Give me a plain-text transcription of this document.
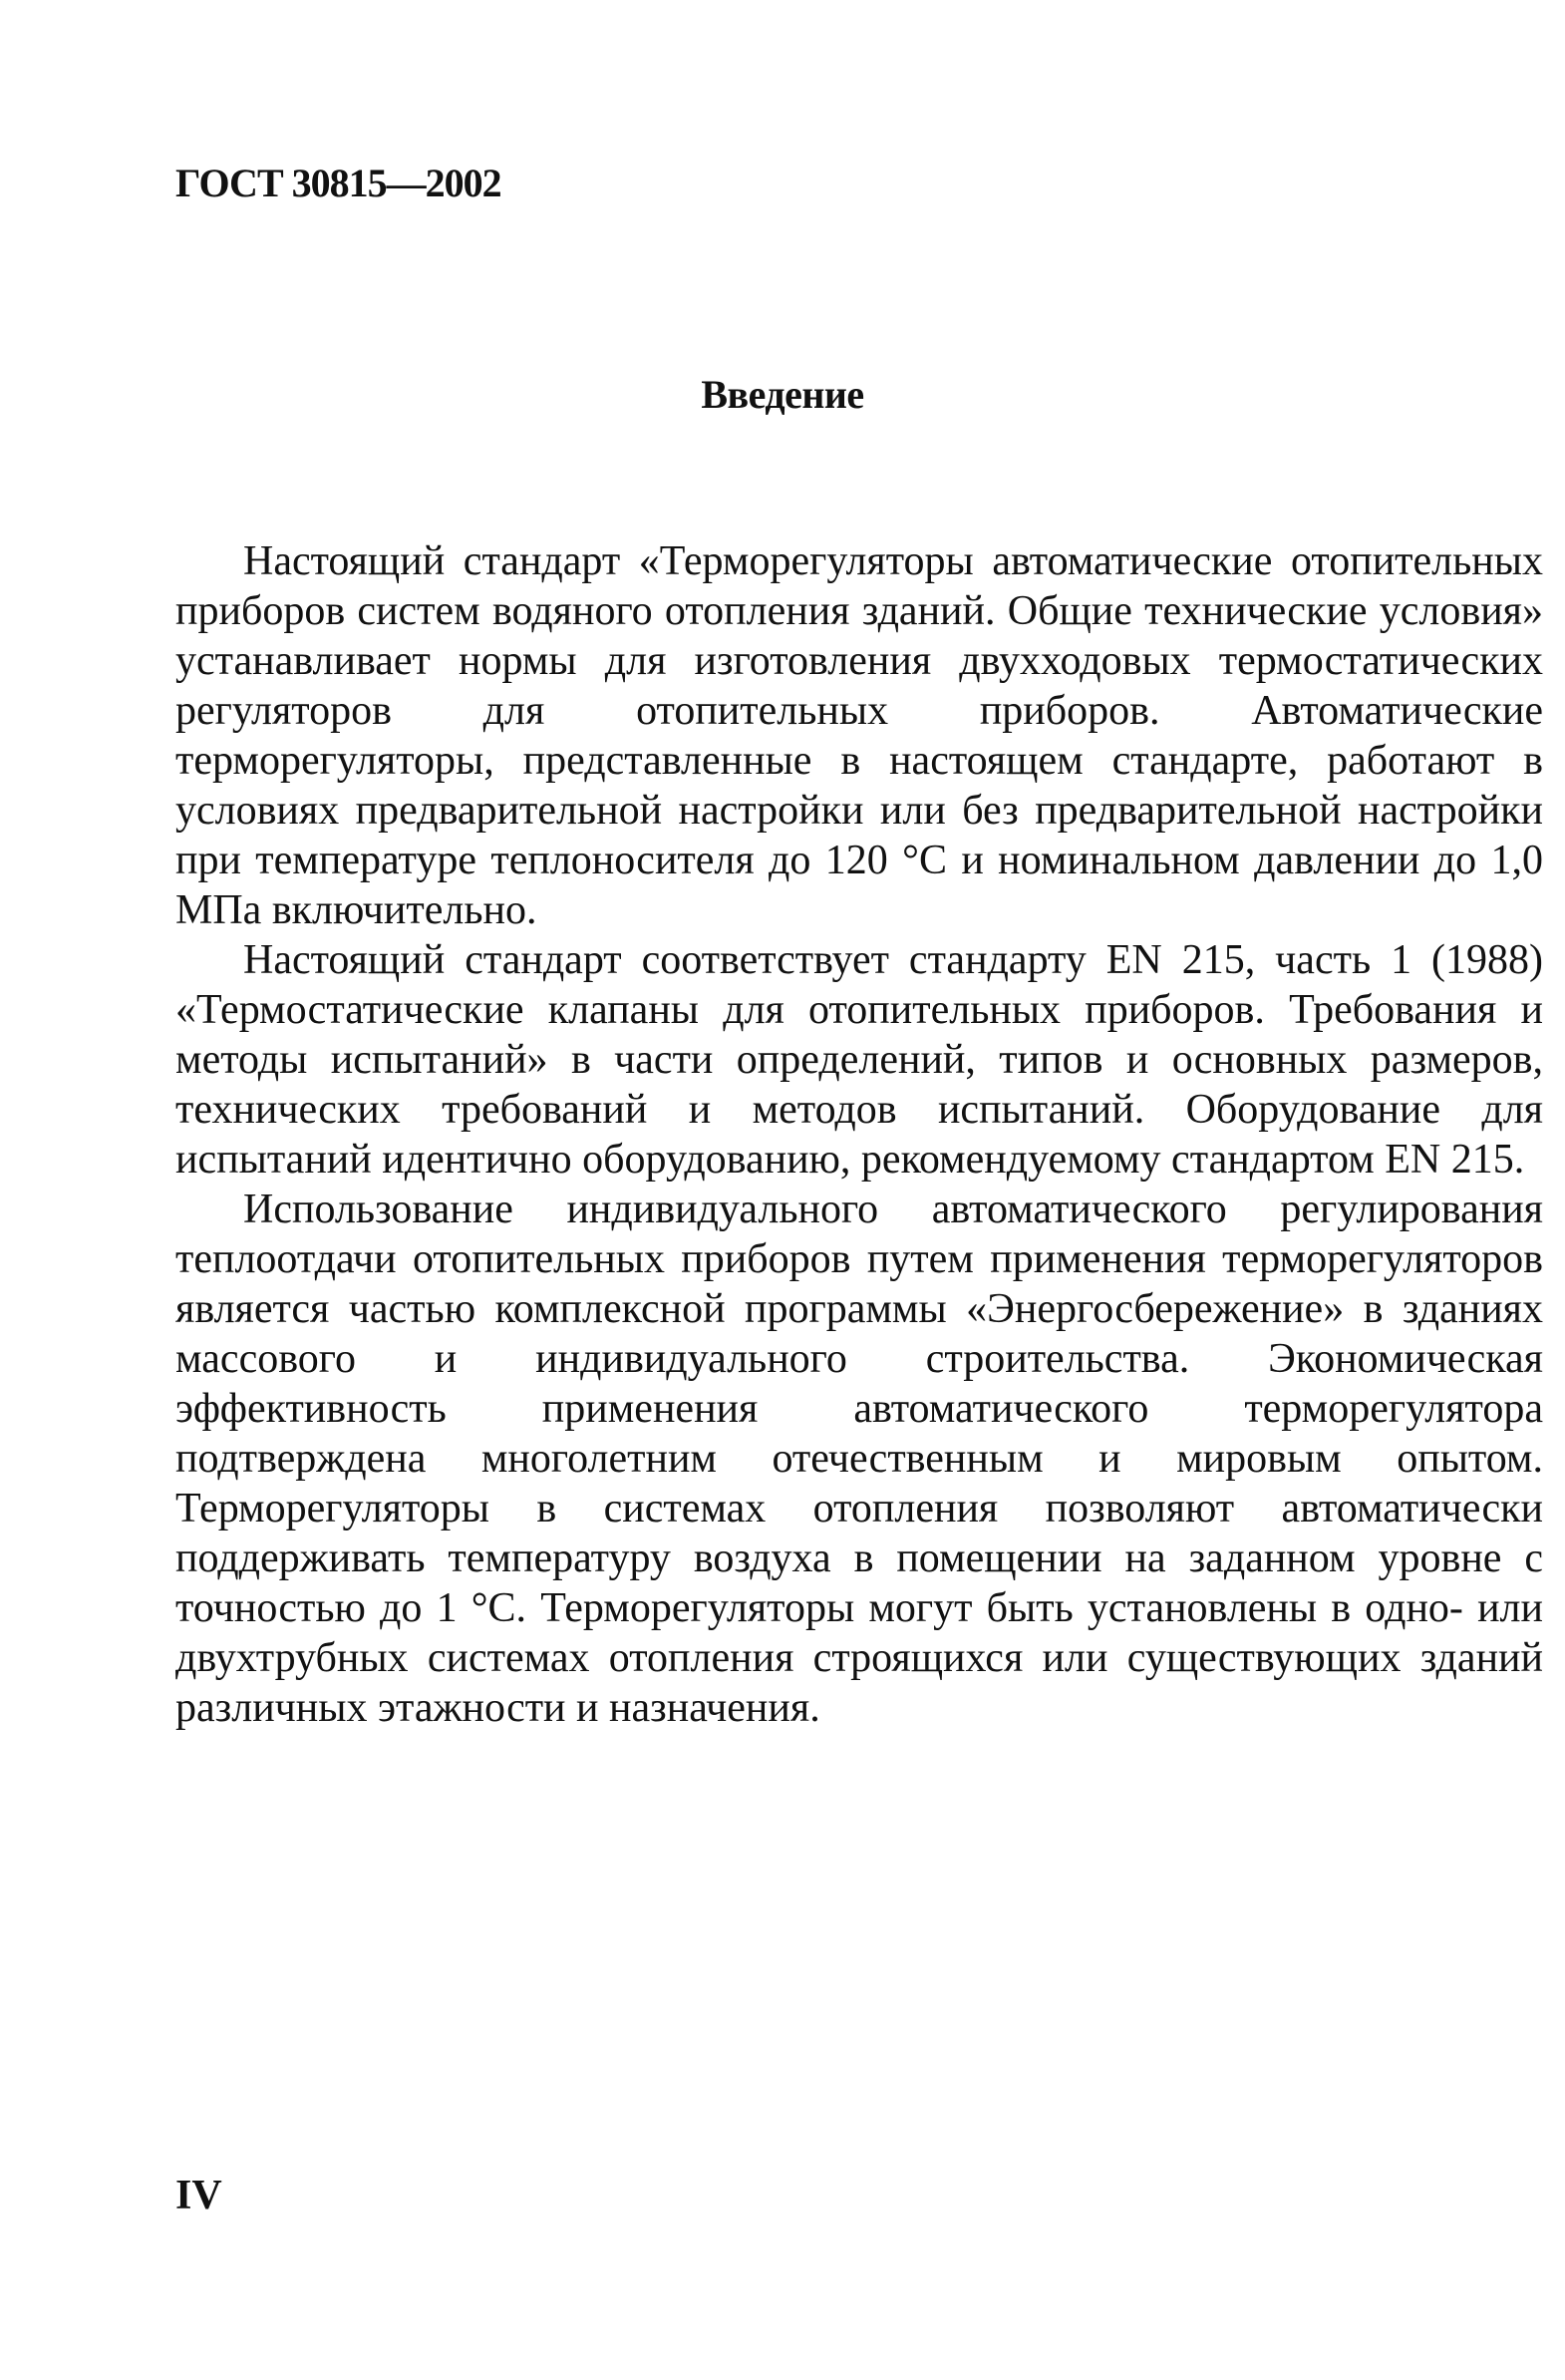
ГОСТ 30815—2002

Введение

Настоящий стандарт «Терморегуляторы автоматические отопительных приборов систем водяного отопления зданий. Общие технические условия» устанавливает нормы для изготовления двухходовых термостатических регуляторов для отопительных приборов. Автоматические терморегуляторы, представленные в настоящем стандарте, работают в условиях предварительной настройки или без предварительной настройки при температуре теплоносителя до 120 °С и номинальном давлении до 1,0 МПа включительно.

Настоящий стандарт соответствует стандарту EN 215, часть 1 (1988) «Термостатические клапаны для отопительных приборов. Требования и методы испытаний» в части определений, типов и основных размеров, технических требований и методов испытаний. Оборудование для испытаний идентично оборудованию, рекомендуемому стандартом EN 215.

Использование индивидуального автоматического регулирования теплоотдачи отопительных приборов путем применения терморегуляторов является частью комплексной программы «Энергосбережение» в зданиях массового и индивидуального строительства. Экономическая эффективность применения автоматического терморегулятора подтверждена многолетним отечественным и мировым опытом. Терморегуляторы в системах отопления позволяют автоматически поддерживать температуру воздуха в помещении на заданном уровне с точностью до 1 °С. Терморегуляторы могут быть установлены в одно- или двухтрубных системах отопления строящихся или существующих зданий различных этажности и назначения.

IV
